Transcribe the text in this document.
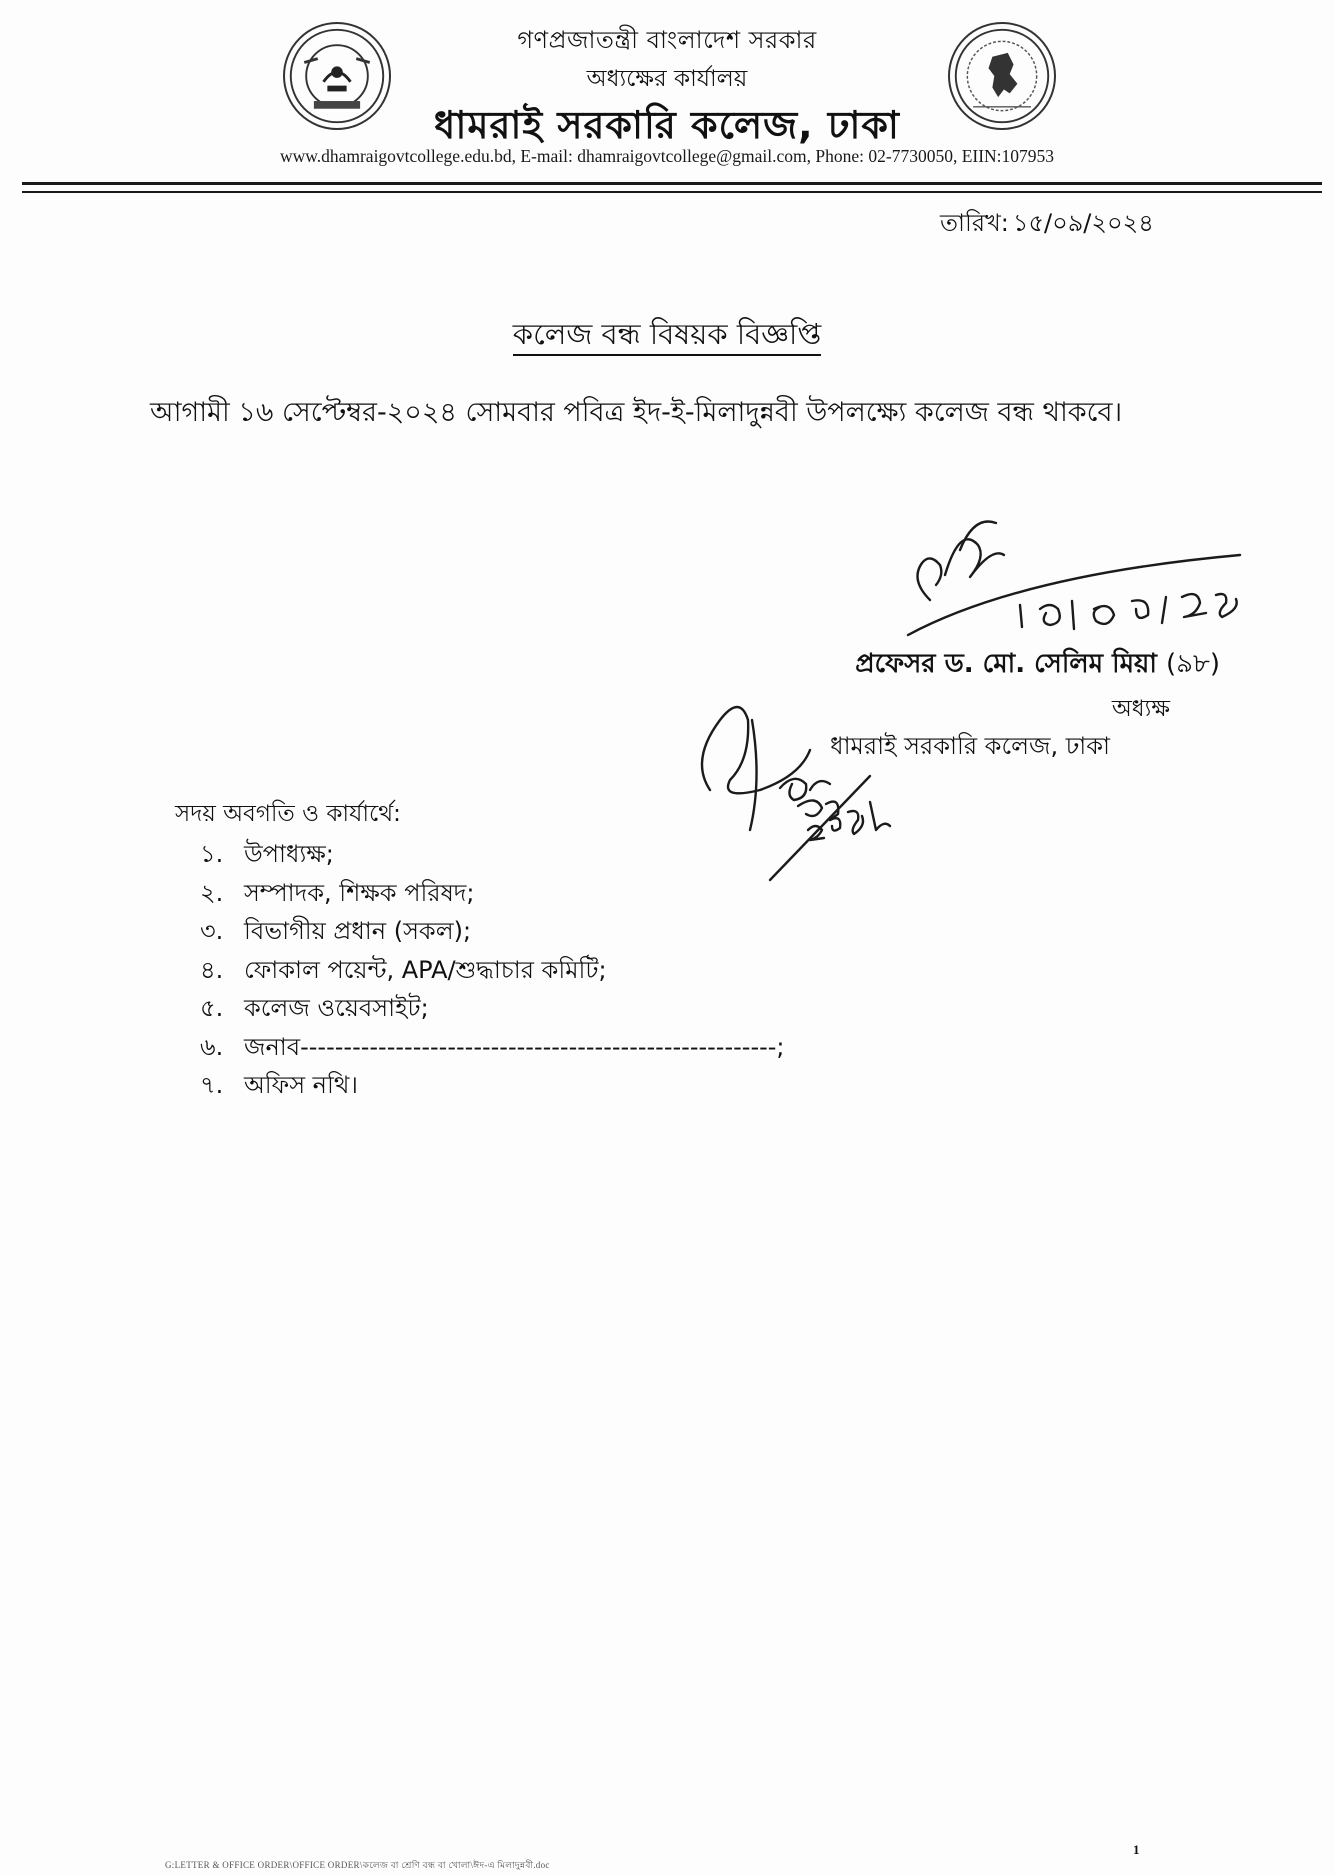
গণপ্রজাতন্ত্রী বাংলাদেশ সরকার
অধ্যক্ষের কার্যালয়
ধামরাই সরকারি কলেজ, ঢাকা
www.dhamraigovtcollege.edu.bd, E-mail: dhamraigovtcollege@gmail.com, Phone: 02-7730050, EIIN:107953
তারিখ: ১৫/০৯/২০২৪
কলেজ বন্ধ বিষয়ক বিজ্ঞপ্তি
আগামী ১৬ সেপ্টেম্বর-২০২৪ সোমবার পবিত্র ইদ-ই-মিলাদুন্নবী উপলক্ষ্যে কলেজ বন্ধ থাকবে।
প্রফেসর ড. মো. সেলিম মিয়া (৯৮)
অধ্যক্ষ
ধামরাই সরকারি কলেজ, ঢাকা
সদয় অবগতি ও কার্যার্থে:
১. উপাধ্যক্ষ;
২. সম্পাদক, শিক্ষক পরিষদ;
৩. বিভাগীয় প্রধান (সকল);
৪. ফোকাল পয়েন্ট, APA/শুদ্ধাচার কমিটি;
৫. কলেজ ওয়েবসাইট;
৬. জনাব-------------------------------------------------------;
৭. অফিস নথি।
G:LETTER & OFFICE ORDER\OFFICE ORDER\কলেজ বা শ্রেণি বন্ধ বা খোলা\ঈদ-এ মিলাদুন্নবী.doc
1
